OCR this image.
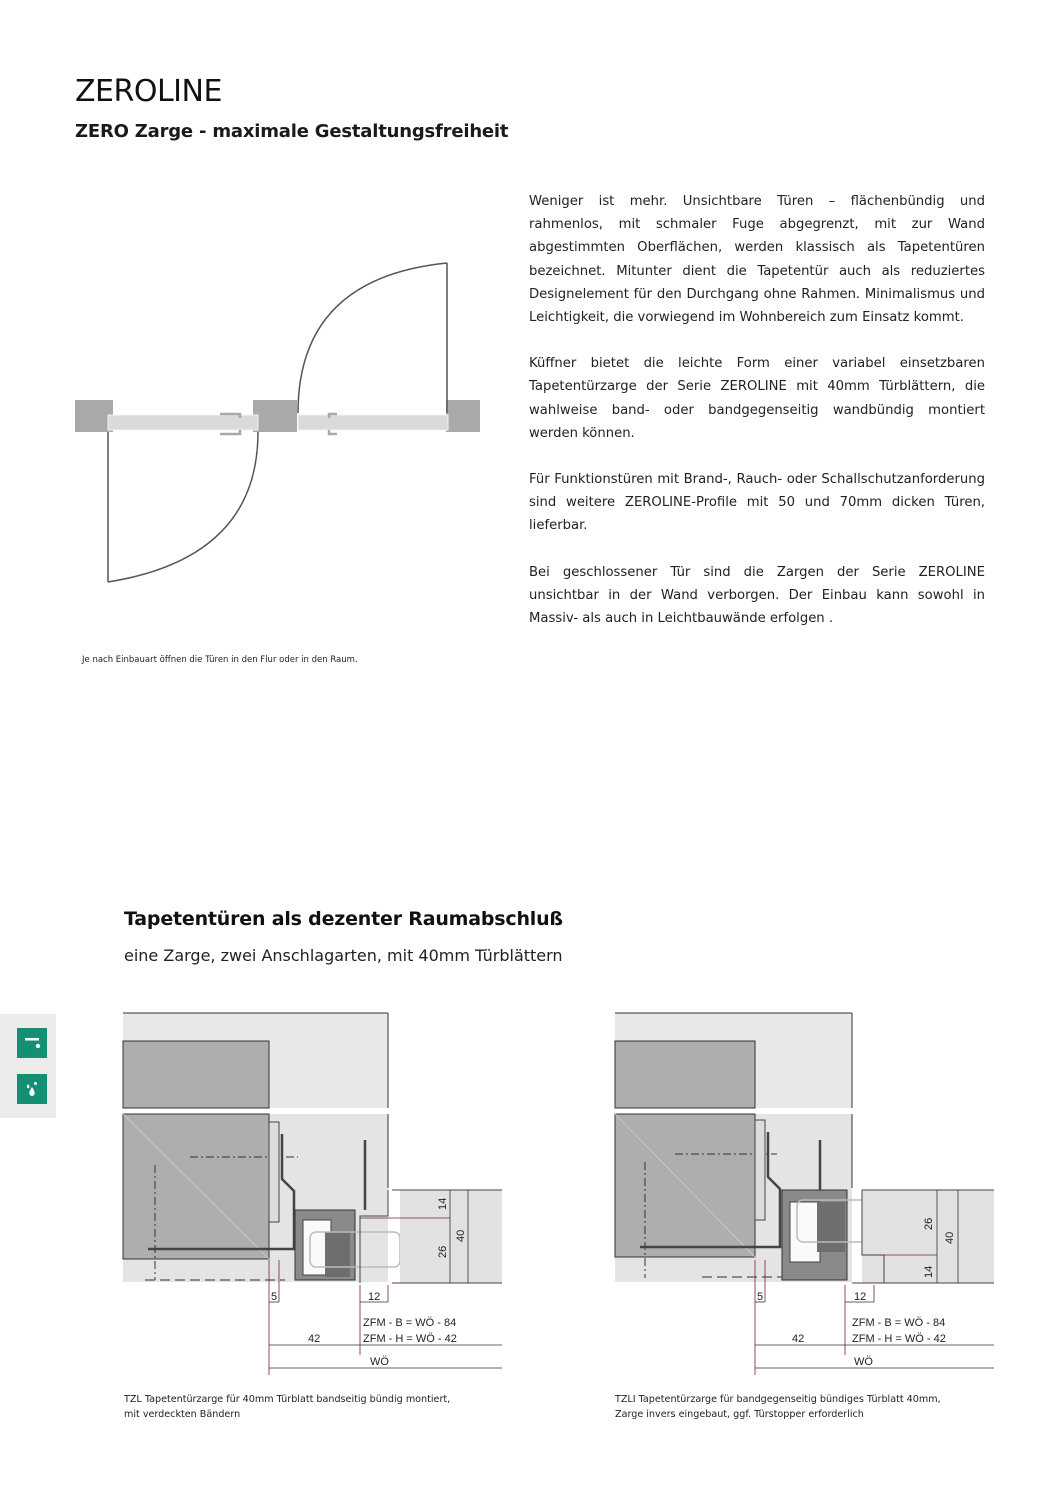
ZEROLINE
ZERO Zarge - maximale Gestaltungsfreiheit

Weniger ist mehr. Unsichtbare Türen – flächenbündig und rahmenlos, mit schmaler Fuge abgegrenzt, mit zur Wand abgestimmten Oberflächen, werden klassisch als Tapetentüren bezeichnet. Mitunter dient die Tapetentür auch als reduziertes Designelement für den Durchgang ohne Rahmen. Minimalismus und Leichtigkeit, die vorwiegend im Wohnbereich zum Einsatz kommt.

Küffner bietet die leichte Form einer variabel einsetzbaren Tapetentürzarge der Serie ZEROLINE mit 40mm Türblättern, die wahlweise band- oder bandgegenseitig wandbündig montiert werden können.

Für Funktionstüren mit Brand-, Rauch- oder Schallschutzanforderung sind weitere ZEROLINE-Profile mit 50 und 70mm dicken Türen, lieferbar.

Bei geschlossener Tür sind die Zargen der Serie ZEROLINE unsichtbar in der Wand verborgen. Der Einbau kann sowohl in Massiv- als auch in Leichtbauwände erfolgen .

Je nach Einbauart öffnen die Türen in den Flur oder in den Raum.
Tapetentüren als dezenter Raumabschluß
eine Zarge, zwei Anschlagarten, mit 40mm Türblättern
14
26
40
5	12
ZFM - B = WÖ - 84
ZFM - H = WÖ - 42
42
WÖ
26
14
40
5	12
ZFM - B = WÖ - 84
ZFM - H = WÖ - 42
42
WÖ
TZL Tapetentürzarge für 40mm Türblatt bandseitig bündig montiert,
mit verdeckten Bändern
TZLI Tapetentürzarge für bandgegenseitig bündiges Türblatt 40mm,
Zarge invers eingebaut, ggf. Türstopper erforderlich
